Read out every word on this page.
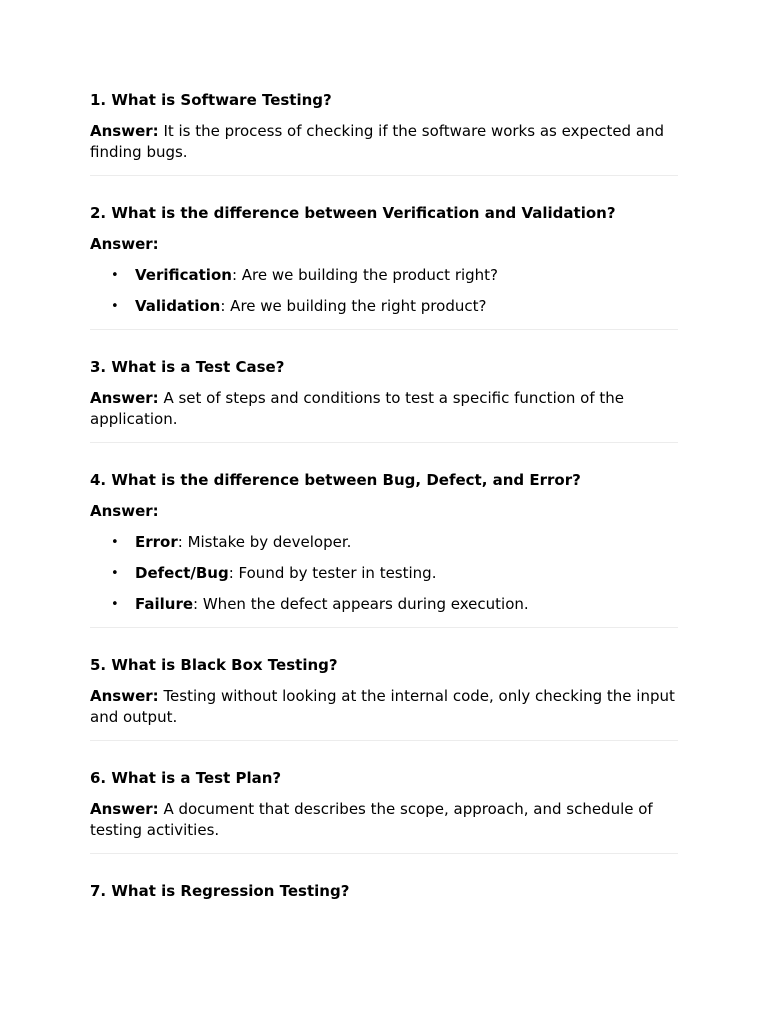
1. What is Software Testing?

Answer: It is the process of checking if the software works as expected and finding bugs.

2. What is the difference between Verification and Validation?

Answer:

• Verification: Are we building the product right?
• Validation: Are we building the right product?

3. What is a Test Case?

Answer: A set of steps and conditions to test a specific function of the application.

4. What is the difference between Bug, Defect, and Error?

Answer:

• Error: Mistake by developer.
• Defect/Bug: Found by tester in testing.
• Failure: When the defect appears during execution.

5. What is Black Box Testing?

Answer: Testing without looking at the internal code, only checking the input and output.

6. What is a Test Plan?

Answer: A document that describes the scope, approach, and schedule of testing activities.

7. What is Regression Testing?
